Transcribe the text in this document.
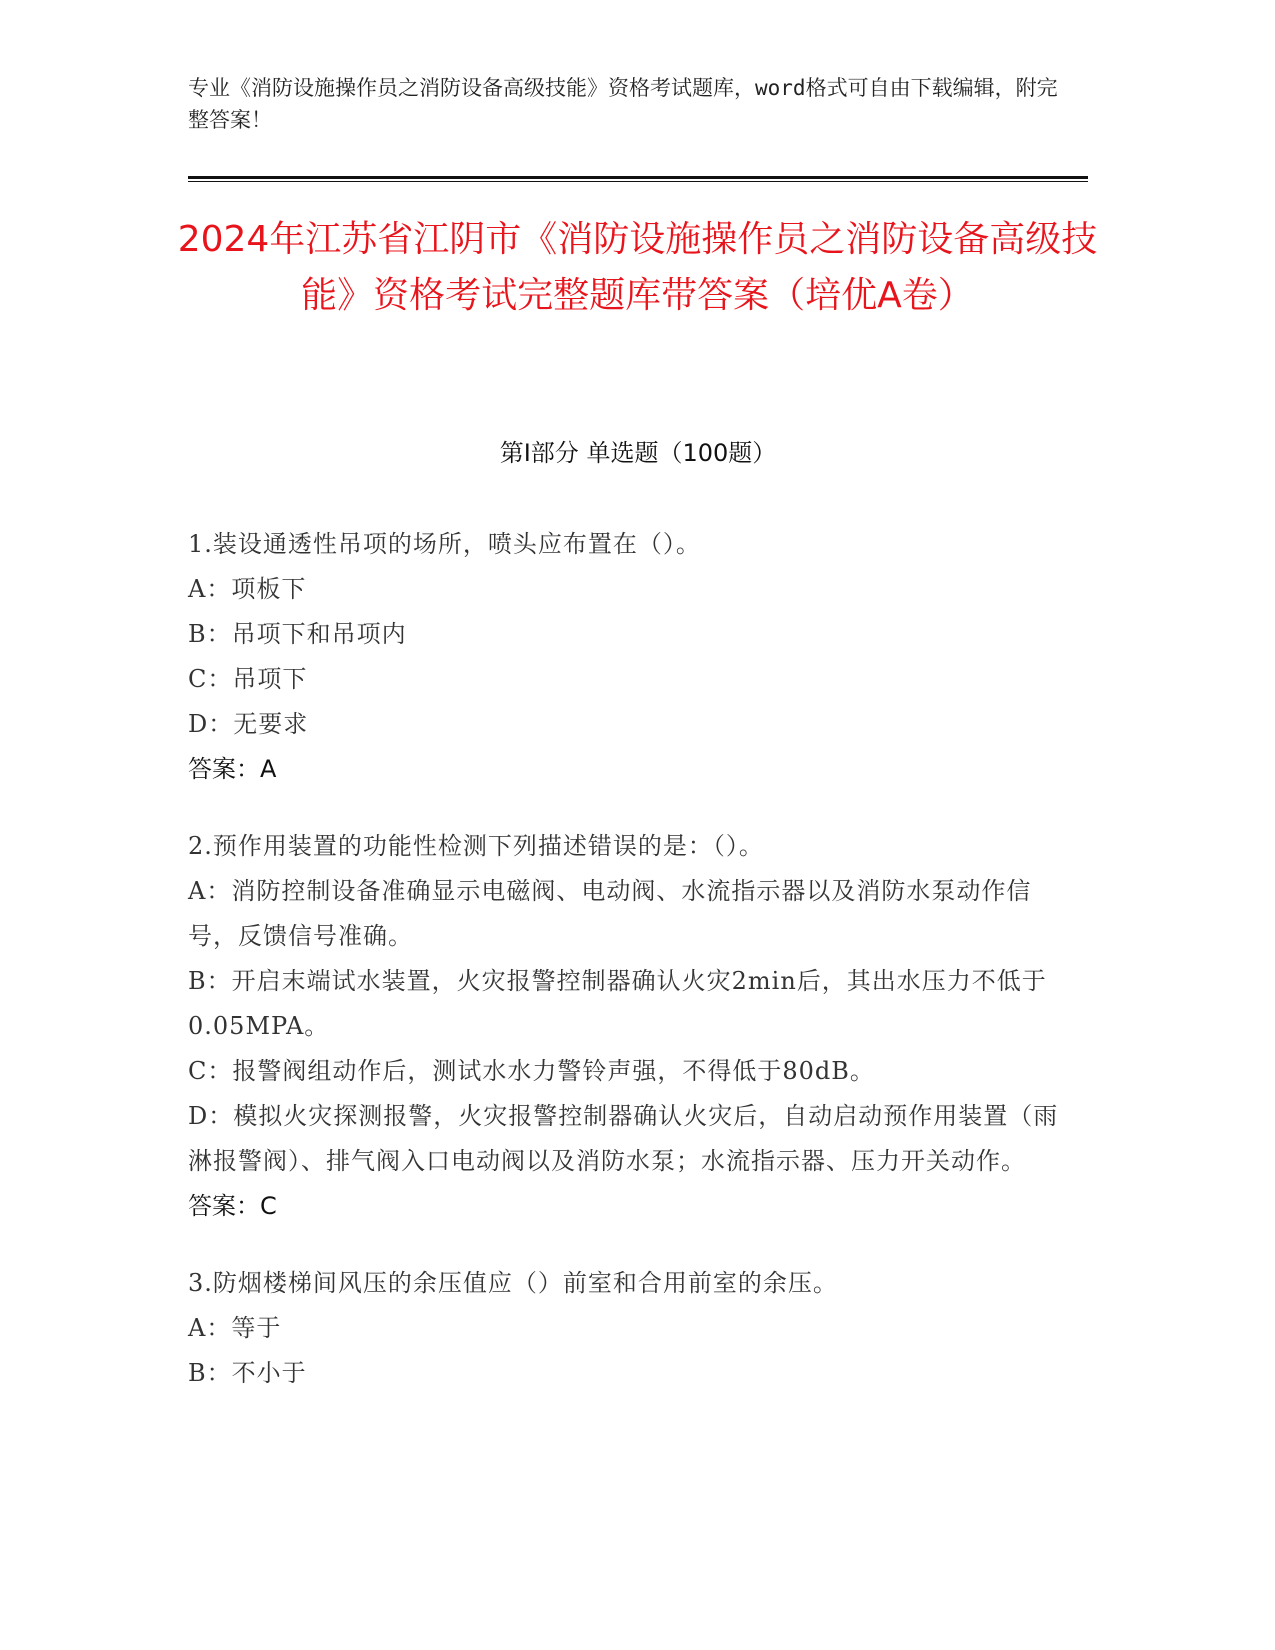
专业《消防设施操作员之消防设备高级技能》资格考试题库，word格式可自由下载编辑，附完整答案！
2024年江苏省江阴市《消防设施操作员之消防设备高级技能》资格考试完整题库带答案（培优A卷）
第I部分 单选题（100题）
1.装设通透性吊项的场所，喷头应布置在（）。
A：项板下
B：吊项下和吊项内
C：吊项下
D：无要求
答案：A
2.预作用装置的功能性检测下列描述错误的是：（）。
A：消防控制设备准确显示电磁阀、电动阀、水流指示器以及消防水泵动作信号，反馈信号准确。
B：开启末端试水装置，火灾报警控制器确认火灾2min后，其出水压力不低于0.05MPA。
C：报警阀组动作后，测试水水力警铃声强，不得低于80dB。
D：模拟火灾探测报警，火灾报警控制器确认火灾后，自动启动预作用装置（雨淋报警阀）、排气阀入口电动阀以及消防水泵；水流指示器、压力开关动作。
答案：C
3.防烟楼梯间风压的余压值应（）前室和合用前室的余压。
A：等于
B：不小于
